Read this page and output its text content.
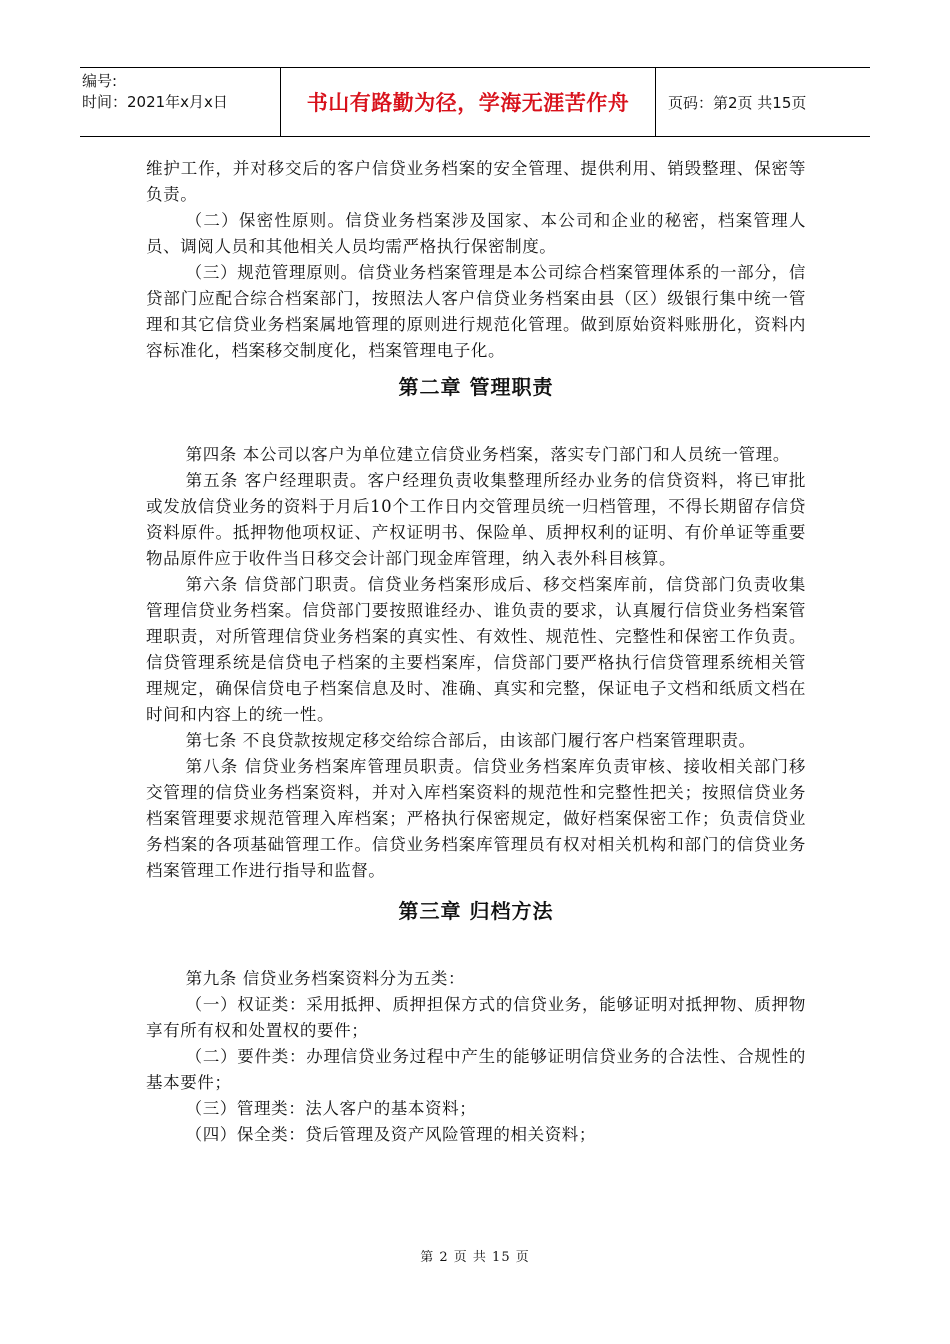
编号:
时间：2021年x月x日	书山有路勤为径，学海无涯苦作舟	页码：第2页 共15页

维护工作，并对移交后的客户信贷业务档案的安全管理、提供利用、销毁整理、保密等负责。

（二）保密性原则。信贷业务档案涉及国家、本公司和企业的秘密，档案管理人员、调阅人员和其他相关人员均需严格执行保密制度。

（三）规范管理原则。信贷业务档案管理是本公司综合档案管理体系的一部分，信贷部门应配合综合档案部门，按照法人客户信贷业务档案由县（区）级银行集中统一管理和其它信贷业务档案属地管理的原则进行规范化管理。做到原始资料账册化，资料内容标准化，档案移交制度化，档案管理电子化。

第二章 管理职责

第四条 本公司以客户为单位建立信贷业务档案，落实专门部门和人员统一管理。

第五条 客户经理职责。客户经理负责收集整理所经办业务的信贷资料，将已审批或发放信贷业务的资料于月后10个工作日内交管理员统一归档管理，不得长期留存信贷资料原件。抵押物他项权证、产权证明书、保险单、质押权利的证明、有价单证等重要物品原件应于收件当日移交会计部门现金库管理，纳入表外科目核算。

第六条 信贷部门职责。信贷业务档案形成后、移交档案库前，信贷部门负责收集管理信贷业务档案。信贷部门要按照谁经办、谁负责的要求，认真履行信贷业务档案管理职责，对所管理信贷业务档案的真实性、有效性、规范性、完整性和保密工作负责。信贷管理系统是信贷电子档案的主要档案库，信贷部门要严格执行信贷管理系统相关管理规定，确保信贷电子档案信息及时、准确、真实和完整，保证电子文档和纸质文档在时间和内容上的统一性。

第七条 不良贷款按规定移交给综合部后，由该部门履行客户档案管理职责。

第八条 信贷业务档案库管理员职责。信贷业务档案库负责审核、接收相关部门移交管理的信贷业务档案资料，并对入库档案资料的规范性和完整性把关；按照信贷业务档案管理要求规范管理入库档案；严格执行保密规定，做好档案保密工作；负责信贷业务档案的各项基础管理工作。信贷业务档案库管理员有权对相关机构和部门的信贷业务档案管理工作进行指导和监督。

第三章 归档方法

第九条 信贷业务档案资料分为五类：

（一）权证类：采用抵押、质押担保方式的信贷业务，能够证明对抵押物、质押物享有所有权和处置权的要件；

（二）要件类：办理信贷业务过程中产生的能够证明信贷业务的合法性、合规性的基本要件；

（三）管理类：法人客户的基本资料；

（四）保全类：贷后管理及资产风险管理的相关资料；

第 2 页 共 15 页
